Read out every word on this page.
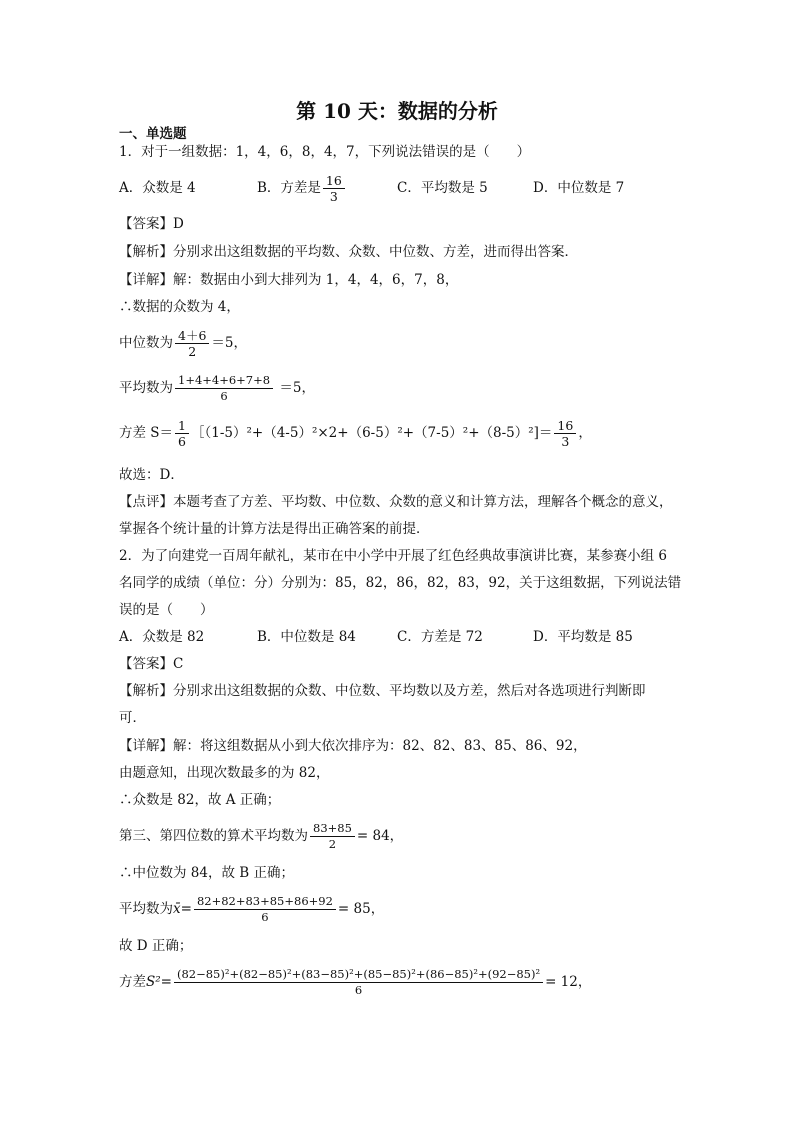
第 10 天：数据的分析
一、单选题
1．对于一组数据：1，4，6，8，4，7，下列说法错误的是（　　）
A．众数是 4	B．方差是 $\frac{16}{3}$	C．平均数是 5	D．中位数是 7
【答案】D
【解析】分别求出这组数据的平均数、众数、中位数、方差，进而得出答案．
【详解】解：数据由小到大排列为 1，4，4，6，7，8，
∴数据的众数为 4，
中位数为 $\frac{4+6}{2} =5$，
平均数为 $\frac{1+4+4+6+7+8}{6} =5$，
方差 $S= \frac{1}{6}$ ［（1-5）²+（4-5）²×2+（6-5）²+（7-5）²+（8-5）²]＝ $\frac{16}{3}$ ，
故选：D．
【点评】本题考查了方差、平均数、中位数、众数的意义和计算方法，理解各个概念的意义，
掌握各个统计量的计算方法是得出正确答案的前提．
2．为了向建党一百周年献礼，某市在中小学中开展了红色经典故事演讲比赛，某参赛小组 6
名同学的成绩（单位：分）分别为：85，82，86，82，83，92，关于这组数据，下列说法错
误的是（　　）
A．众数是 82	B．中位数是 84	C．方差是 72	D．平均数是 85
【答案】C
【解析】分别求出这组数据的众数、中位数、平均数以及方差，然后对各选项进行判断即
可．
【详解】解：将这组数据从小到大依次排序为：82、82、83、85、86、92，
由题意知，出现次数最多的为 82，
∴众数是 82，故 A 正确；
第三、第四位数的算术平均数为 $\frac{83+85}{2} = 84$，
∴中位数为 84，故 B 正确；
平均数为x̄= $\frac{82+82+83+85+86+92}{6} = 85$，
故 D 正确；
方差$S^2= \frac{\text{(82−85)²+(82−85)²+(83−85)²+(85−85)²+(86−85)²+(92−85)²}}{6} = 12$，
